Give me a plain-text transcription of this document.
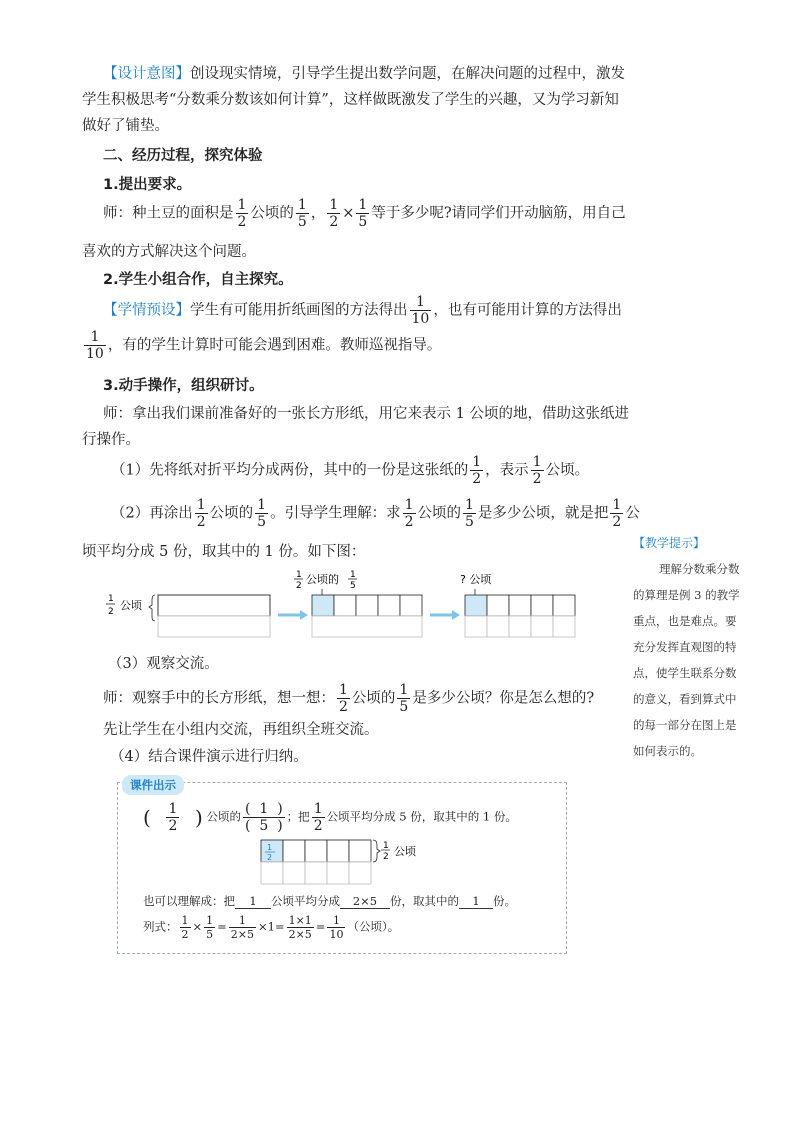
【设计意图】创设现实情境，引导学生提出数学问题，在解决问题的过程中，激发
学生积极思考“分数乘分数该如何计算”，这样做既激发了学生的兴趣，又为学习新知
做好了铺垫。
二、经历过程，探究体验
1.提出要求。
师：种土豆的面积是 $\frac{1}{2}$ 公顷的 $\frac{1}{5}$ ， $\frac{1}{2} \times \frac{1}{5}$ 等于多少呢?请同学们开动脑筋，用自己
喜欢的方式解决这个问题。
2.学生小组合作，自主探究。
【学情预设】学生有可能用折纸画图的方法得出 $\frac{1}{10}$ ，也有可能用计算的方法得出
$\frac{1}{10}$ ，有的学生计算时可能会遇到困难。教师巡视指导。
3.动手操作，组织研讨。
师：拿出我们课前准备好的一张长方形纸，用它来表示 1 公顷的地，借助这张纸进
行操作。
（1）先将纸对折平均分成两份，其中的一份是这张纸的 $\frac{1}{2}$ ，表示 $\frac{1}{2}$ 公顷。
（2）再涂出 $\frac{1}{2}$ 公顷的 $\frac{1}{5}$ 。引导学生理解：求 $\frac{1}{2}$ 公顷的 $\frac{1}{5}$ 是多少公顷，就是把 $\frac{1}{2}$ 公
顷平均分成 5 份，取其中的 1 份。如下图：
1
2 公顷
1
2 公顷的 1
5	? 公顷
（3）观察交流。
师：观察手中的长方形纸，想一想： $\frac{1}{2}$ 公顷的 $\frac{1}{5}$ 是多少公顷？你是怎么想的?
先让学生在小组内交流，再组织全班交流。
（4）结合课件演示进行归纳。
课件出示
( $\frac{1}{2}$ ) 公顷的 $\frac{( 1 )}{( 5 )}$ ；把 $\frac{1}{2}$ 公顷平均分成 5 份，取其中的 1 份。
1
2
1
2 公顷
也可以理解成：把 1 公顷平均分成 2×5 份，取其中的 1 份。
列式： $\frac{1}{2} \times \frac{1}{5} = \frac{1}{2\times 5} \times 1= \frac{1\times 1}{2\times 5} = \frac{1}{10}$ （公顷）。
【教学提示】
理解分数乘分数
的算理是例 3 的教学
重点，也是难点。要
充分发挥直观图的特
点，使学生联系分数
的意义，看到算式中
的每一部分在图上是
如何表示的。
